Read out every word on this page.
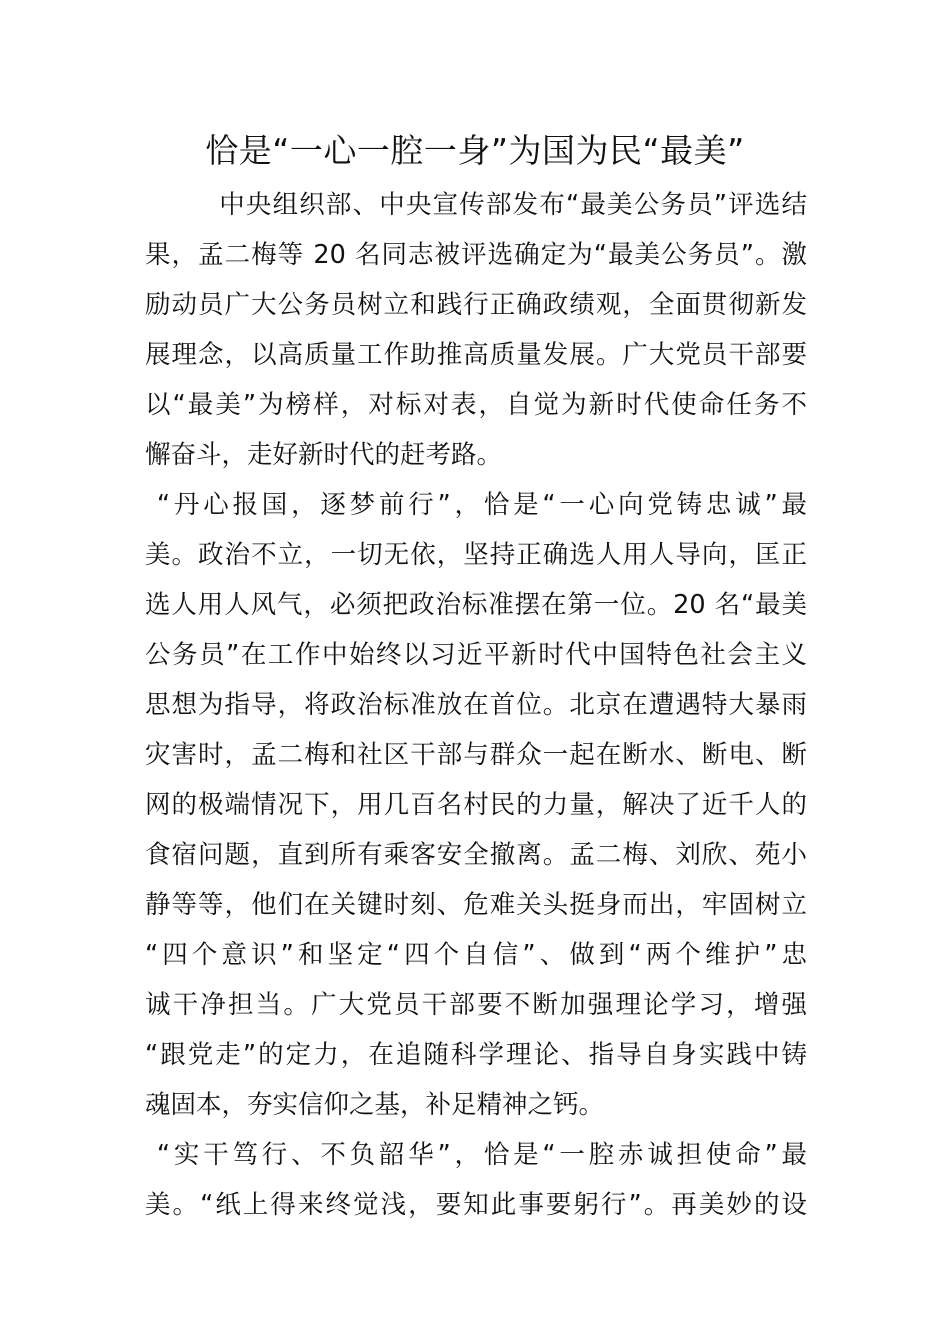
恰是“一心一腔一身”为国为民“最美”
中央组织部、中央宣传部发布“最美公务员”评选结
果，孟二梅等 20 名同志被评选确定为“最美公务员”。激
励动员广大公务员树立和践行正确政绩观，全面贯彻新发
展理念，以高质量工作助推高质量发展。广大党员干部要
以“最美”为榜样，对标对表，自觉为新时代使命任务不
懈奋斗，走好新时代的赶考路。
“丹心报国，逐梦前行”，恰是“一心向党铸忠诚”最
美。政治不立，一切无依，坚持正确选人用人导向，匡正
选人用人风气，必须把政治标准摆在第一位。20 名“最美
公务员”在工作中始终以习近平新时代中国特色社会主义
思想为指导，将政治标准放在首位。北京在遭遇特大暴雨
灾害时，孟二梅和社区干部与群众一起在断水、断电、断
网的极端情况下，用几百名村民的力量，解决了近千人的
食宿问题，直到所有乘客安全撤离。孟二梅、刘欣、苑小
静等等，他们在关键时刻、危难关头挺身而出，牢固树立
“四个意识”和坚定“四个自信”、做到“两个维护”忠
诚干净担当。广大党员干部要不断加强理论学习，增强
“跟党走”的定力，在追随科学理论、指导自身实践中铸
魂固本，夯实信仰之基，补足精神之钙。
“实干笃行、不负韶华”，恰是“一腔赤诚担使命”最
美。“纸上得来终觉浅，要知此事要躬行”。再美妙的设
